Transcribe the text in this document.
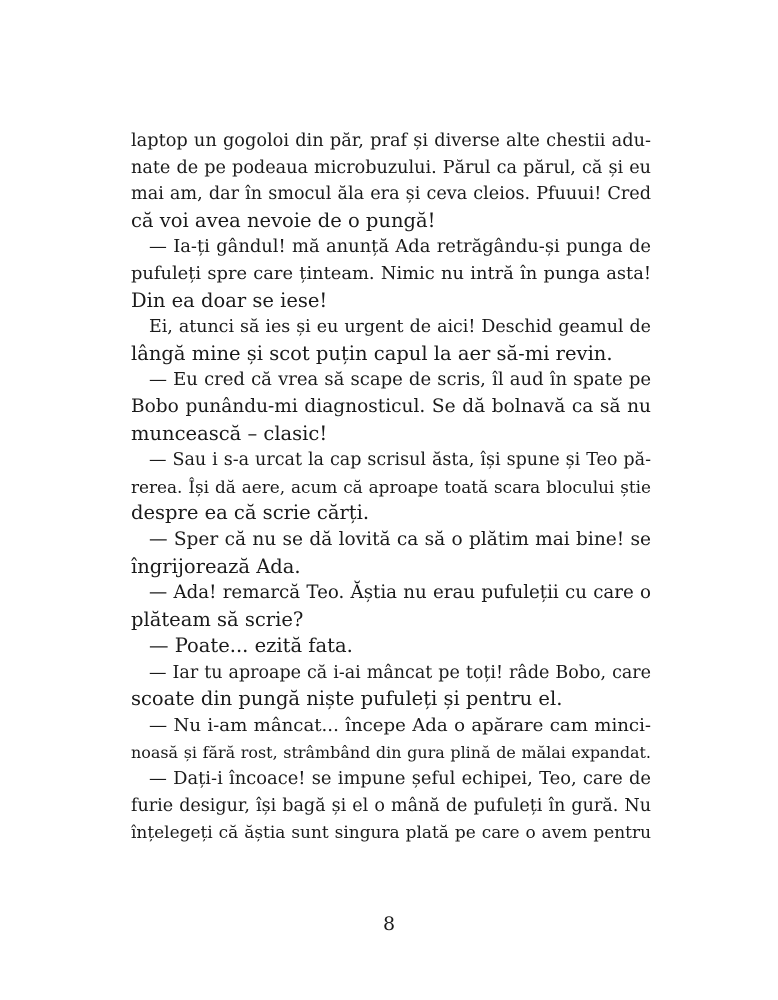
laptop un gogoloi din păr, praf și diverse alte chestii adu-
nate de pe podeaua microbuzului. Părul ca părul, că și eu
mai am, dar în smocul ăla era și ceva cleios. Pfuuui! Cred
că voi avea nevoie de o pungă!
— Ia-ți gândul! mă anunță Ada retrăgându-și punga de
pufuleți spre care țintеam. Nimic nu intră în punga asta!
Din ea doar se iese!
Ei, atunci să ies și eu urgent de aici! Deschid geamul de
lângă mine și scot puțin capul la aer să-mi revin.
— Eu cred că vrea să scape de scris, îl aud în spate pe
Bobo punându-mi diagnosticul. Se dă bolnavă ca să nu
muncească – clasic!
— Sau i s-a urcat la cap scrisul ăsta, își spune și Teo pă-
rerea. Își dă aere, acum că aproape toată scara blocului știe
despre ea că scrie cărți.
— Sper că nu se dă lovită ca să o plătim mai bine! se
îngrijorează Ada.
— Ada! remarcă Teo. Ăștia nu erau pufuleții cu care o
plăteam să scrie?
— Poate... ezită fata.
— Iar tu aproape că i-ai mâncat pe toți! râde Bobo, care
scoate din pungă niște pufuleți și pentru el.
— Nu i-am mâncat... începe Ada o apărare cam minci-
noasă și fără rost, strâmbând din gura plină de mălai expandat.
— Dați-i încoace! se impune șeful echipei, Teo, care de
furie desigur, își bagă și el o mână de pufuleți în gură. Nu
înțelegeți că ăștia sunt singura plată pe care o avem pentru
8
